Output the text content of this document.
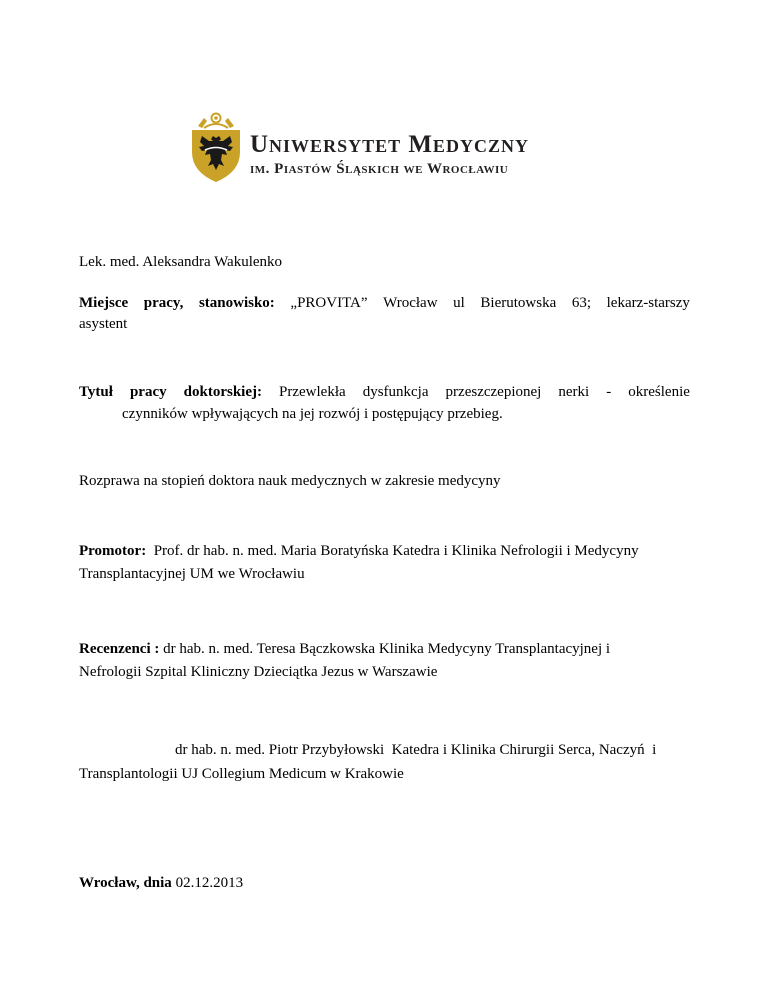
Uniwersytet Medyczny
im. Piastów Śląskich we Wrocławiu
Lek. med. Aleksandra Wakulenko
Miejsce pracy, stanowisko: „PROVITA” Wrocław ul Bierutowska 63; lekarz-starszy
asystent
Tytuł pracy doktorskiej: Przewlekła dysfunkcja przeszczepionej nerki - określenie
czynników wpływających na jej rozwój i postępujący przebieg.
Rozprawa na stopień doktora nauk medycznych w zakresie medycyny
Promotor: Prof. dr hab. n. med. Maria Boratyńska Katedra i Klinika Nefrologii i Medycyny
Transplantacyjnej UM we Wrocławiu
Recenzenci : dr hab. n. med. Teresa Bączkowska Klinika Medycyny Transplantacyjnej i
Nefrologii Szpital Kliniczny Dzieciątka Jezus w Warszawie
dr hab. n. med. Piotr Przybyłowski  Katedra i Klinika Chirurgii Serca, Naczyń  i
Transplantologii UJ Collegium Medicum w Krakowie
Wrocław, dnia 02.12.2013
